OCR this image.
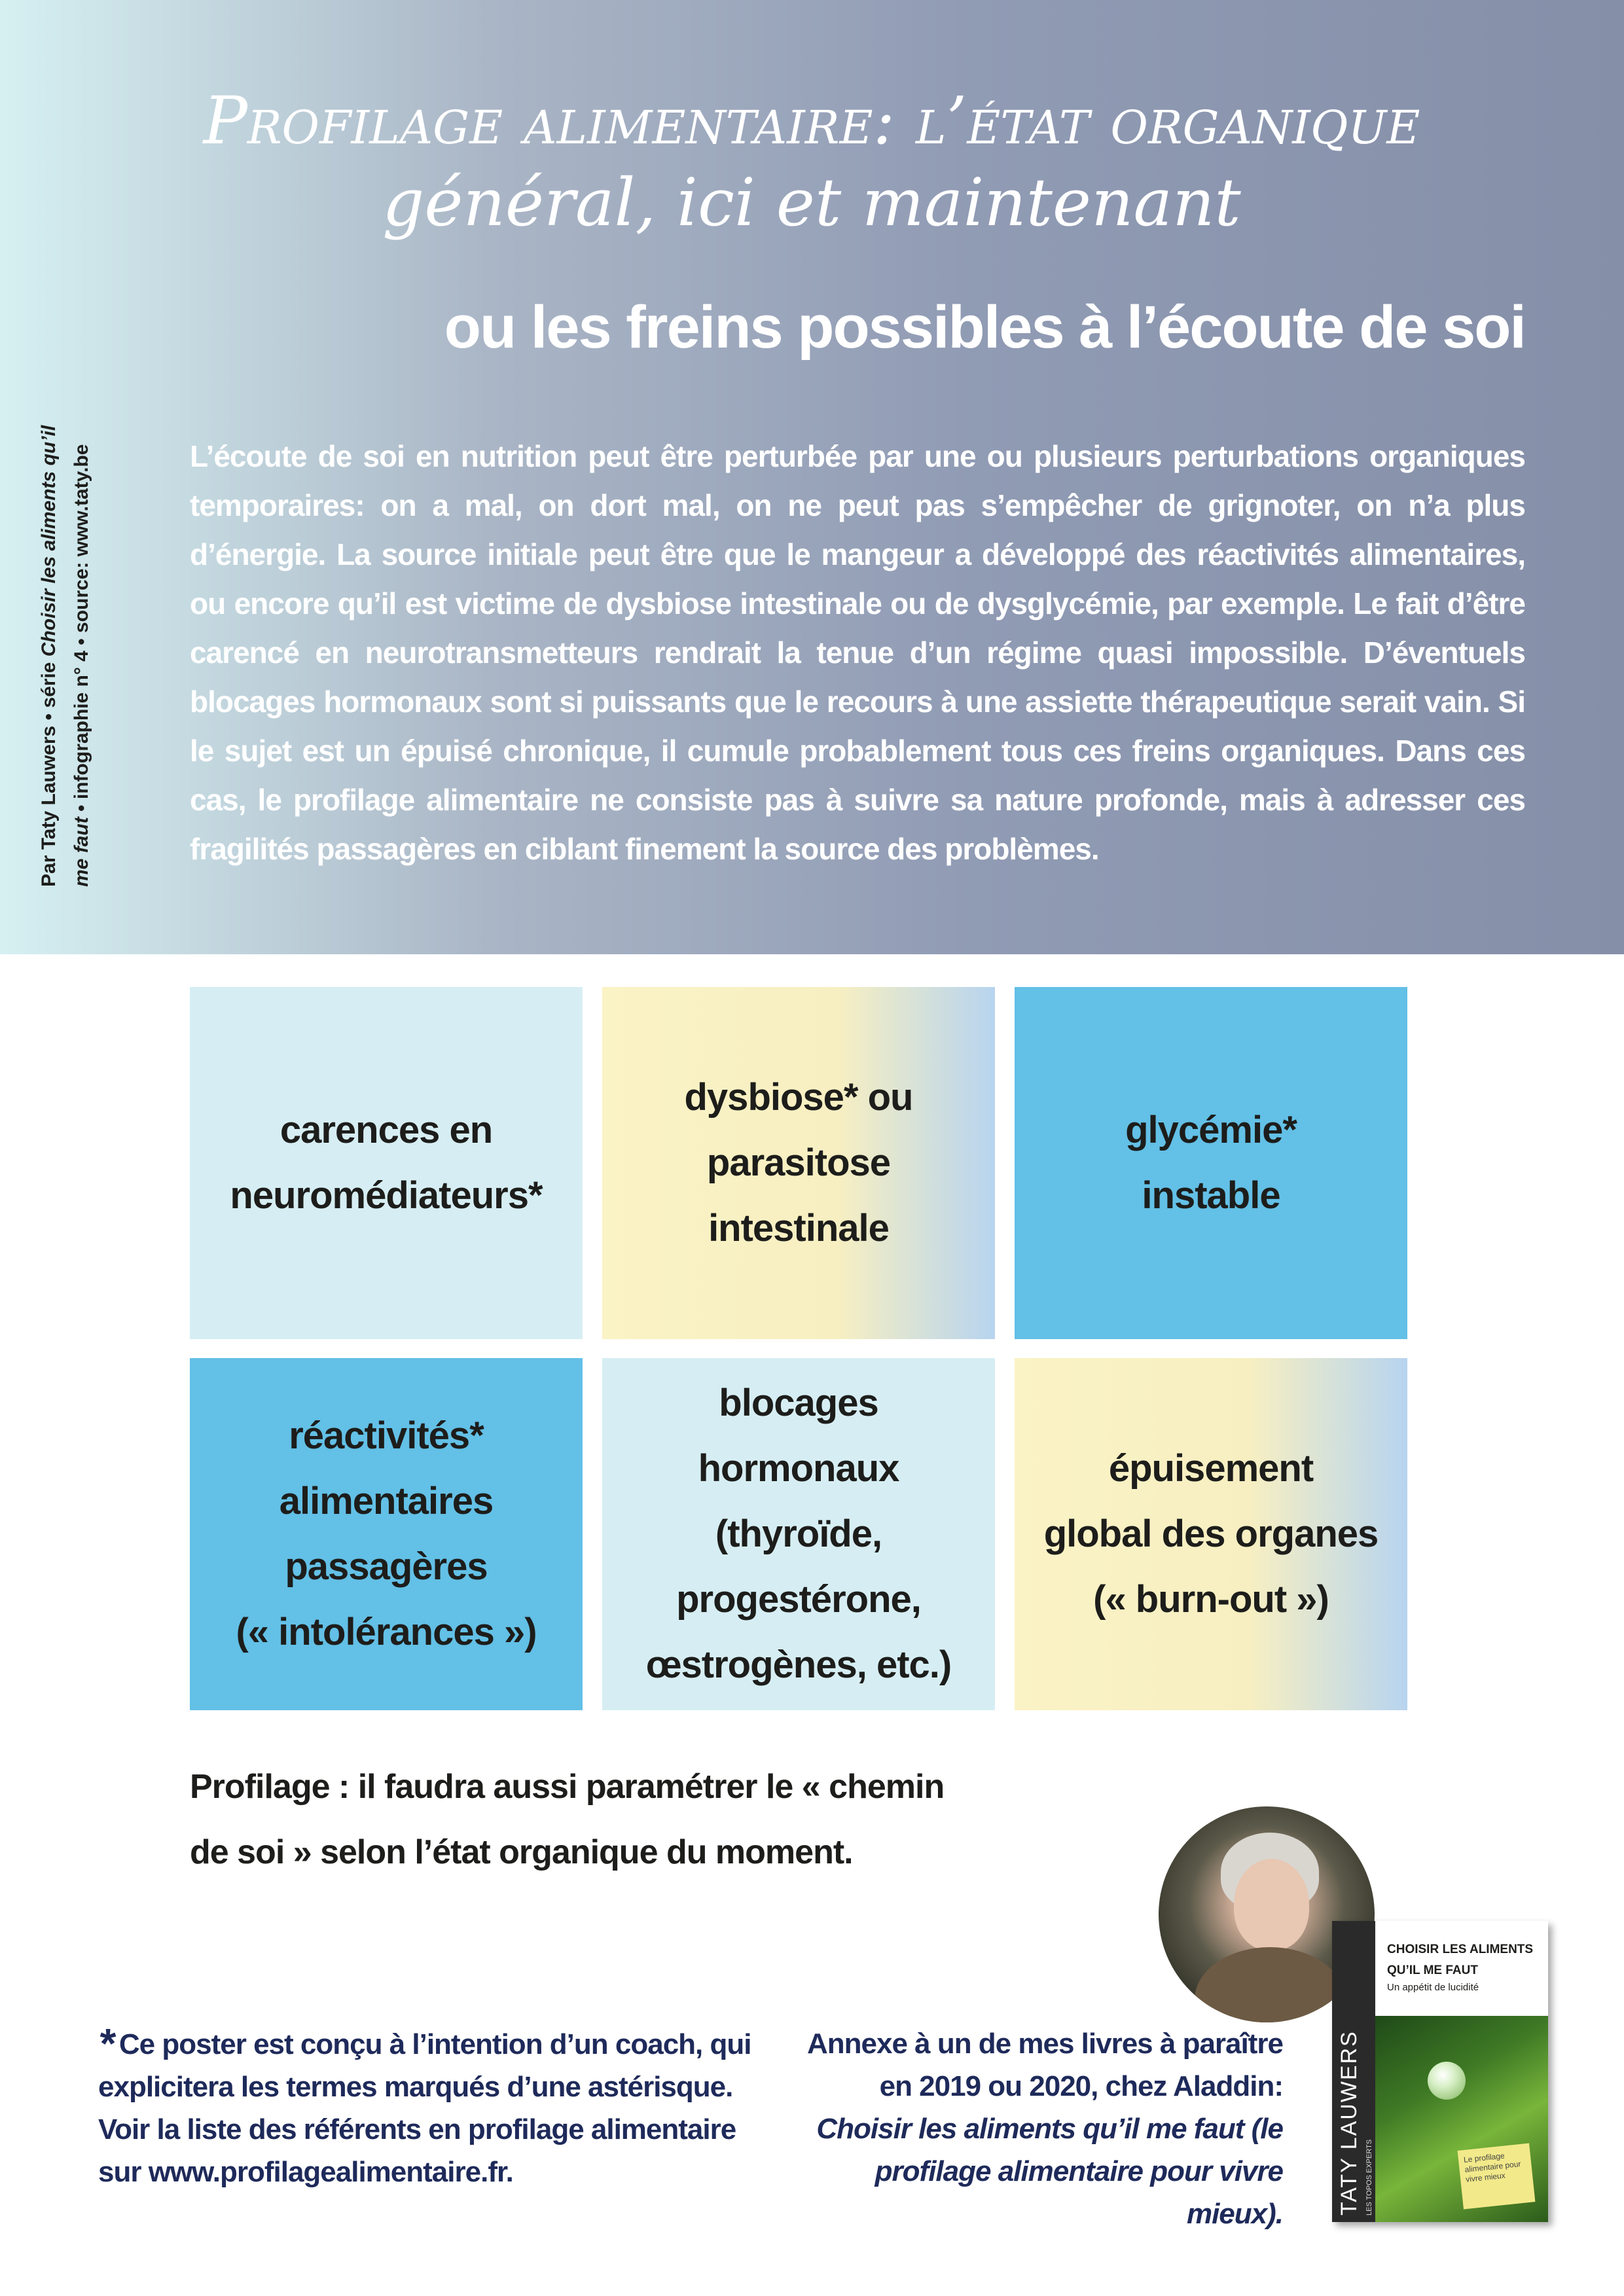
Par Taty Lauwers • série Choisir les aliments qu’il me faut • infographie n° 4 • source: www.taty.be
Profilage alimentaire: l’état organique
général, ici et maintenant
ou les freins possibles à l’écoute de soi
L’écoute de soi en nutrition peut être perturbée par une ou plusieurs perturbations organiques temporaires: on a mal, on dort mal, on ne peut pas s’empêcher de grignoter, on n’a plus d’énergie. La source initiale peut être que le mangeur a développé des réactivités alimentaires, ou encore qu’il est victime de dysbiose intestinale ou de dysglycémie, par exemple. Le fait d’être carencé en neurotransmetteurs rendrait la tenue d’un régime quasi impossible. D’éventuels blocages hormonaux sont si puissants que le recours à une assiette thérapeutique serait vain. Si le sujet est un épuisé chronique, il cumule probablement tous ces freins organiques. Dans ces cas, le profilage alimentaire ne consiste pas à suivre sa nature profonde, mais à adresser ces fragilités passagères en ciblant finement la source des problèmes.
carences en
neuromédiateurs*
dysbiose* ou
parasitose
intestinale
glycémie*
instable
réactivités*
alimentaires
passagères
(« intolérances »)
blocages
hormonaux
(thyroïde,
progestérone,
œstrogènes, etc.)
épuisement
global des organes
(« burn-out »)
Profilage : il faudra aussi paramétrer le « chemin de soi » selon l’état organique du moment.
* Ce poster est conçu à l’intention d’un coach, qui explicitera les termes marqués d’une astérisque. Voir la liste des référents en profilage alimentaire sur www.profilagealimentaire.fr.
Annexe à un de mes livres à paraître en 2019 ou 2020, chez Aladdin: Choisir les aliments qu’il me faut (le profilage alimentaire pour vivre mieux). TATY LAUWERS LES TOPOS EXPERTS
CHOISIR LES ALIMENTS QU’IL ME FAUT
Un appétit de lucidité
Le profilage alimentaire pour vivre mieux
